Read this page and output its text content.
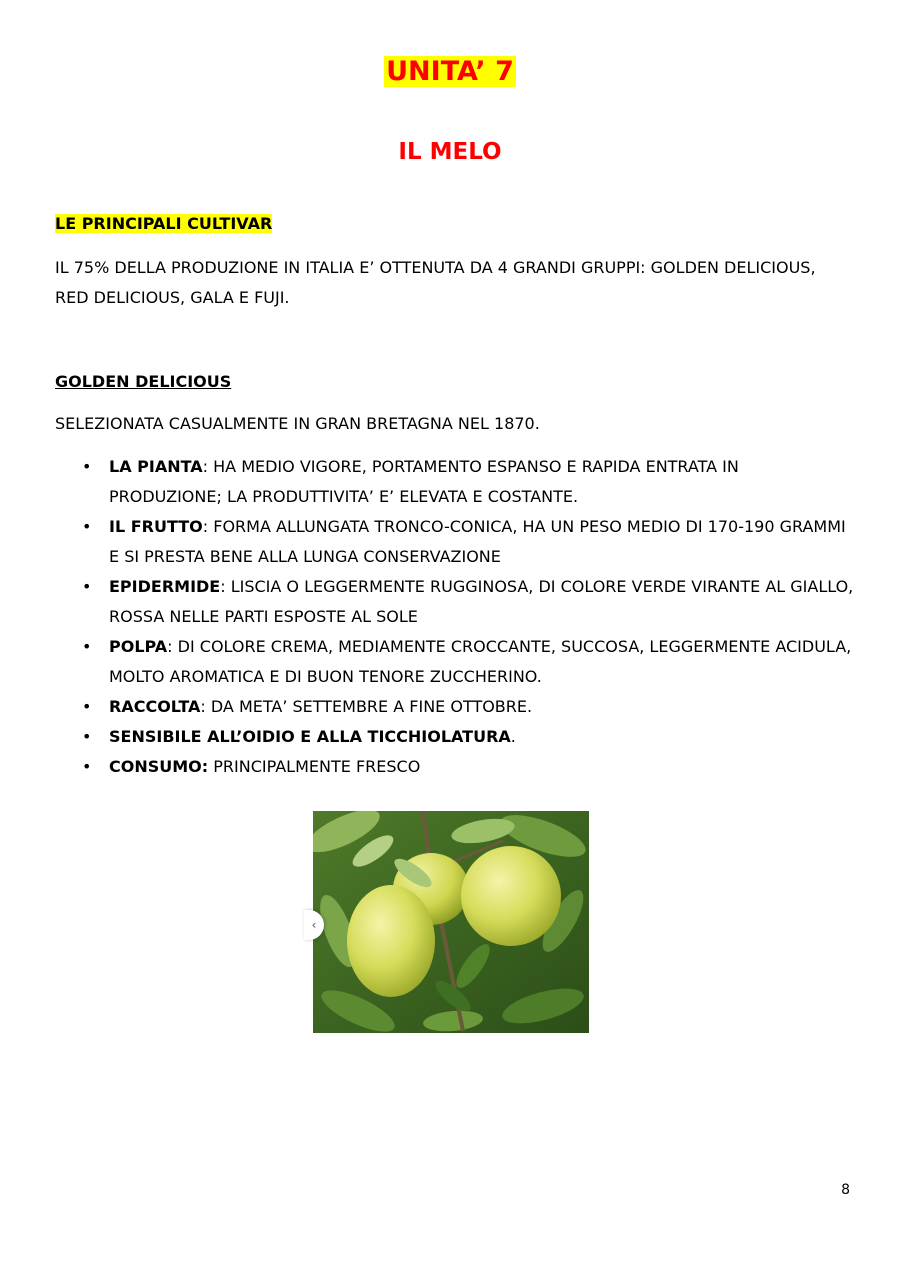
UNITA’ 7
IL MELO
LE PRINCIPALI CULTIVAR
IL 75% DELLA PRODUZIONE IN ITALIA E’ OTTENUTA DA 4 GRANDI GRUPPI: GOLDEN DELICIOUS, RED DELICIOUS, GALA E FUJI.
GOLDEN DELICIOUS
SELEZIONATA CASUALMENTE IN GRAN BRETAGNA NEL 1870.
• LA PIANTA: HA MEDIO VIGORE, PORTAMENTO ESPANSO E RAPIDA ENTRATA IN PRODUZIONE; LA PRODUTTIVITA’ E’ ELEVATA E COSTANTE.
• IL FRUTTO: FORMA ALLUNGATA TRONCO-CONICA, HA UN PESO MEDIO DI 170-190 GRAMMI E SI PRESTA BENE ALLA LUNGA CONSERVAZIONE
• EPIDERMIDE: LISCIA O LEGGERMENTE RUGGINOSA, DI COLORE VERDE VIRANTE AL GIALLO, ROSSA NELLE PARTI ESPOSTE AL SOLE
• POLPA: DI COLORE CREMA, MEDIAMENTE CROCCANTE, SUCCOSA, LEGGERMENTE ACIDULA, MOLTO AROMATICA E DI BUON TENORE ZUCCHERINO.
• RACCOLTA: DA META’ SETTEMBRE A FINE OTTOBRE.
• SENSIBILE ALL’OIDIO E ALLA TICCHIOLATURA.
• CONSUMO: PRINCIPALMENTE FRESCO
‹
8
